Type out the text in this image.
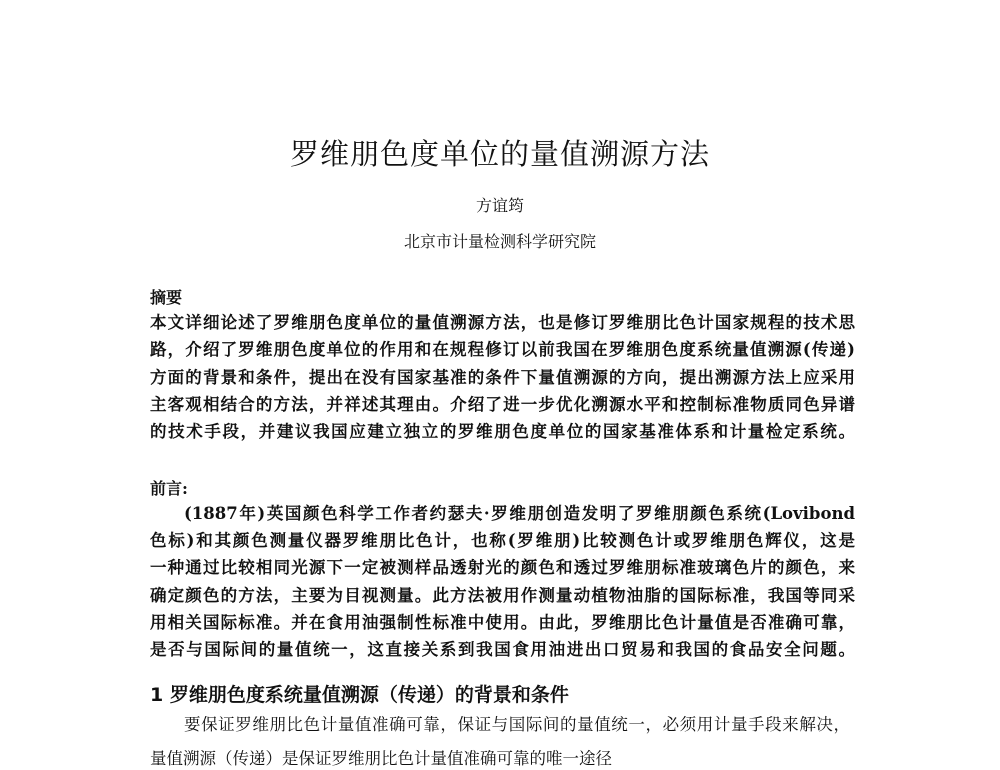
罗维朋色度单位的量值溯源方法
方谊筠
北京市计量检测科学研究院
摘要
本文详细论述了罗维朋色度单位的量值溯源方法，也是修订罗维朋比色计国家规程的技术思
路，介绍了罗维朋色度单位的作用和在规程修订以前我国在罗维朋色度系统量值溯源(传递)
方面的背景和条件，提出在没有国家基准的条件下量值溯源的方向，提出溯源方法上应采用
主客观相结合的方法，并祥述其理由。介绍了进一步优化溯源水平和控制标准物质同色异谱
的技术手段，并建议我国应建立独立的罗维朋色度单位的国家基准体系和计量检定系统。
前言:
(1887年)英国颜色科学工作者约瑟夫·罗维朋创造发明了罗维朋颜色系统(Lovibond
色标)和其颜色测量仪器罗维朋比色计，也称(罗维朋)比较测色计或罗维朋色辉仪，这是
一种通过比较相同光源下一定被测样品透射光的颜色和透过罗维朋标准玻璃色片的颜色，来
确定颜色的方法，主要为目视测量。此方法被用作测量动植物油脂的国际标准，我国等同采
用相关国际标准。并在食用油强制性标准中使用。由此，罗维朋比色计量值是否准确可靠，
是否与国际间的量值统一，这直接关系到我国食用油进出口贸易和我国的食品安全问题。
1 罗维朋色度系统量值溯源（传递）的背景和条件
要保证罗维朋比色计量值准确可靠，保证与国际间的量值统一，必须用计量手段来解决，
量值溯源（传递）是保证罗维朋比色计量值准确可靠的唯一途径
